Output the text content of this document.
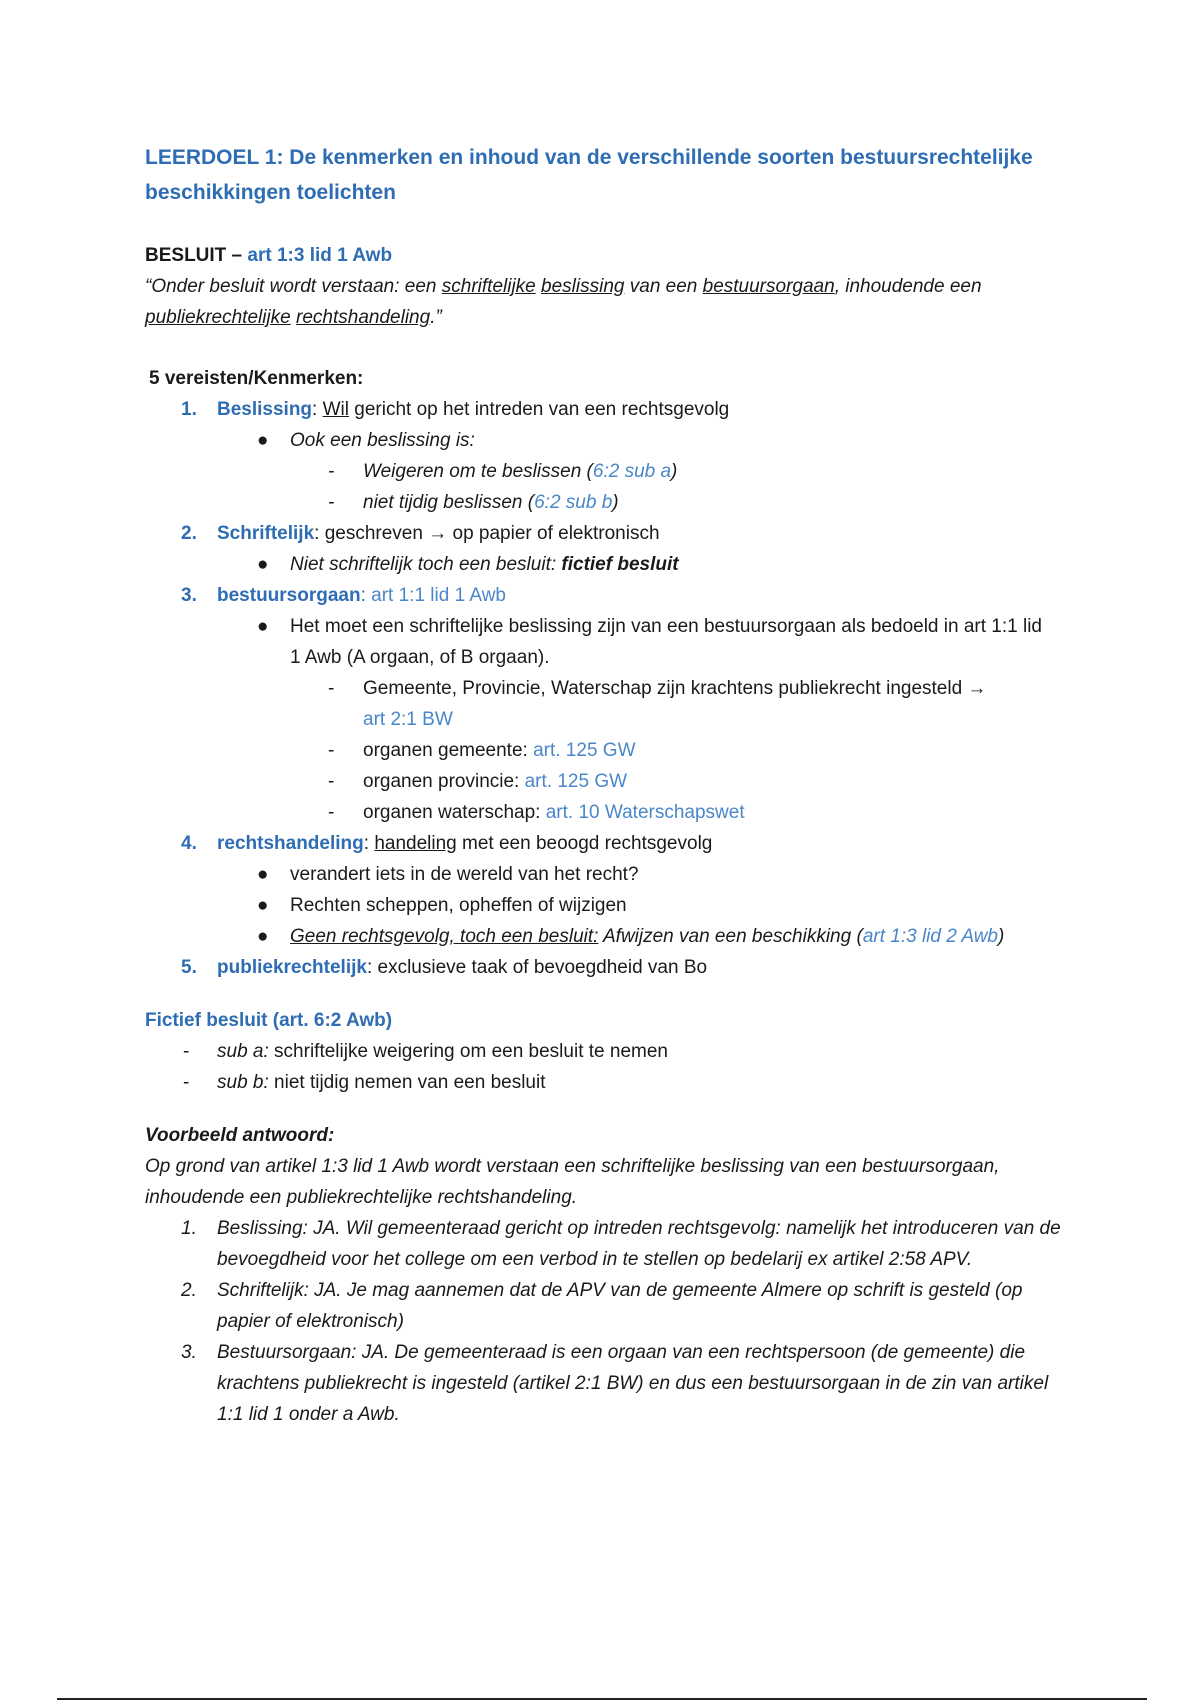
LEERDOEL 1: De kenmerken en inhoud van de verschillende soorten bestuursrechtelijke beschikkingen toelichten

BESLUIT – art 1:3 lid 1 Awb

“Onder besluit wordt verstaan: een schriftelijke beslissing van een bestuursorgaan, inhoudende een publiekrechtelijke rechtshandeling.”

5 vereisten/Kenmerken:

1. Beslissing: Wil gericht op het intreden van een rechtsgevolg
● Ook een beslissing is:
- Weigeren om te beslissen (6:2 sub a)
- niet tijdig beslissen (6:2 sub b)
2. Schriftelijk: geschreven → op papier of elektronisch
● Niet schriftelijk toch een besluit: fictief besluit
3. bestuursorgaan: art 1:1 lid 1 Awb
● Het moet een schriftelijke beslissing zijn van een bestuursorgaan als bedoeld in art 1:1 lid 1 Awb (A orgaan, of B orgaan).
- Gemeente, Provincie, Waterschap zijn krachtens publiekrecht ingesteld →
art 2:1 BW
- organen gemeente: art. 125 GW
- organen provincie: art. 125 GW
- organen waterschap: art. 10 Waterschapswet
4. rechtshandeling: handeling met een beoogd rechtsgevolg
● verandert iets in de wereld van het recht?
● Rechten scheppen, opheffen of wijzigen
● Geen rechtsgevolg, toch een besluit: Afwijzen van een beschikking (art 1:3 lid 2 Awb)
5. publiekrechtelijk: exclusieve taak of bevoegdheid van Bo

Fictief besluit (art. 6:2 Awb)

- sub a: schriftelijke weigering om een besluit te nemen
- sub b: niet tijdig nemen van een besluit

Voorbeeld antwoord:

Op grond van artikel 1:3 lid 1 Awb wordt verstaan een schriftelijke beslissing van een bestuursorgaan, inhoudende een publiekrechtelijke rechtshandeling.

1. Beslissing: JA. Wil gemeenteraad gericht op intreden rechtsgevolg: namelijk het introduceren van de bevoegdheid voor het college om een verbod in te stellen op bedelarij ex artikel 2:58 APV.
2. Schriftelijk: JA. Je mag aannemen dat de APV van de gemeente Almere op schrift is gesteld (op papier of elektronisch)
3. Bestuursorgaan: JA. De gemeenteraad is een orgaan van een rechtspersoon (de gemeente) die krachtens publiekrecht is ingesteld (artikel 2:1 BW) en dus een bestuursorgaan in de zin van artikel 1:1 lid 1 onder a Awb.
